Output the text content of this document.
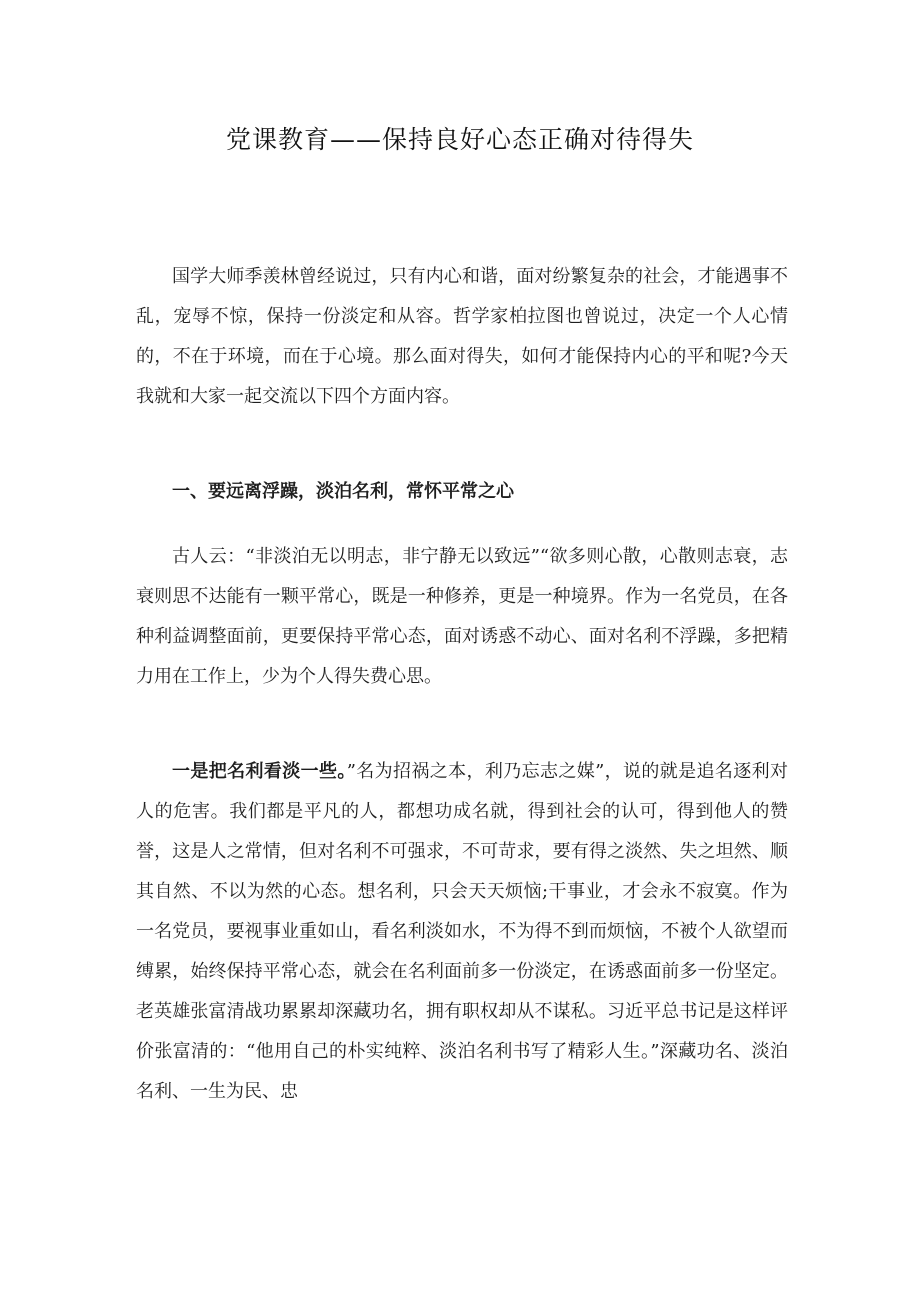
党课教育——保持良好心态正确对待得失

国学大师季羡林曾经说过，只有内心和谐，面对纷繁复杂的社会，才能遇事不乱，宠辱不惊，保持一份淡定和从容。哲学家柏拉图也曾说过，决定一个人心情的，不在于环境，而在于心境。那么面对得失，如何才能保持内心的平和呢?今天我就和大家一起交流以下四个方面内容。

一、要远离浮躁，淡泊名利，常怀平常之心

古人云：“非淡泊无以明志，非宁静无以致远”“欲多则心散，心散则志衰，志衰则思不达能有一颗平常心，既是一种修养，更是一种境界。作为一名党员，在各种利益调整面前，更要保持平常心态，面对诱惑不动心、面对名利不浮躁，多把精力用在工作上，少为个人得失费心思。

一是把名利看淡一些。”名为招祸之本，利乃忘志之媒”，说的就是追名逐利对人的危害。我们都是平凡的人，都想功成名就，得到社会的认可，得到他人的赞誉，这是人之常情，但对名利不可强求，不可苛求，要有得之淡然、失之坦然、顺其自然、不以为然的心态。想名利，只会天天烦恼;干事业，才会永不寂寞。作为一名党员，要视事业重如山，看名利淡如水，不为得不到而烦恼，不被个人欲望而缚累，始终保持平常心态，就会在名利面前多一份淡定，在诱惑面前多一份坚定。老英雄张富清战功累累却深藏功名，拥有职权却从不谋私。习近平总书记是这样评价张富清的：“他用自己的朴实纯粹、淡泊名利书写了精彩人生。”深藏功名、淡泊名利、一生为民、忠
